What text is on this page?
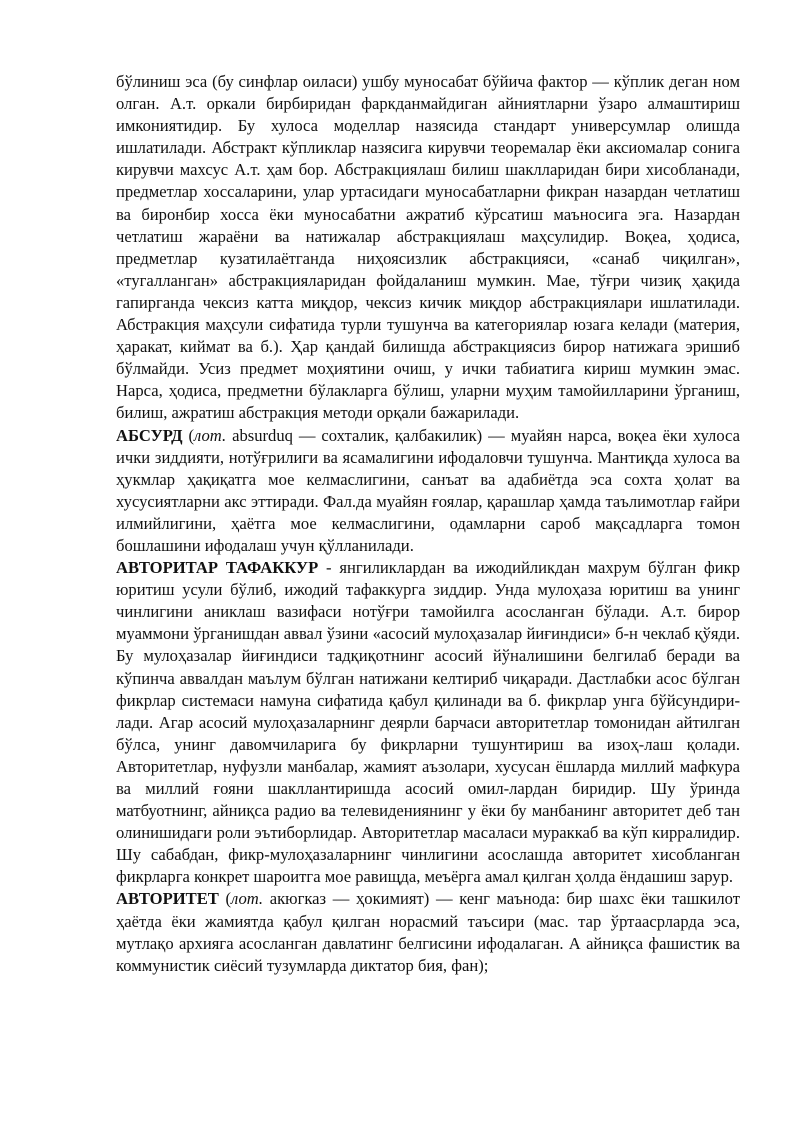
бўлиниш эса (бу синфлар оиласи) ушбу муносабат бўйича фактор — кўплик деган ном олган. А.т. оркали бирбиридан фаркданмайдиган айниятларни ўзаро алмаштириш имкониятидир. Бу хулоса моделлар назясида стандарт универсумлар олишда ишлатилади. Абстракт кўпликлар назясига кирувчи теоремалар ёки аксиомалар сонига кирувчи махсус А.т. ҳам бор. Абстракциялаш билиш шаклларидан бири хисобланади, предметлар хоссаларини, улар уртасидаги муносабатларни фикран назардан четлатиш ва биронбир хосса ёки муносабатни ажратиб кўрсатиш маъносига эга. Назардан четлатиш жараёни ва натижалар абстракциялаш маҳсулидир. Воқеа, ҳодиса, предметлар кузатилаётганда ниҳоясизлик абстракцияси, «санаб чиқилган», «тугалланган» абстракцияларидан фойдаланиш мумкин. Мае, тўғри чизиқ ҳақида гапирганда чексиз катта миқдор, чексиз кичик миқдор абстракциялари ишлатилади. Абстракция маҳсули сифатида турли тушунча ва категориялар юзага келади (материя, ҳаракат, киймат ва б.). Ҳар қандай билишда абстракциясиз бирор натижага эришиб бўлмайди. Усиз предмет моҳиятини очиш, у ички табиатига кириш мумкин эмас. Нарса, ҳодиса, предметни бўлакларга бўлиш, уларни муҳим тамойилларини ўрганиш, билиш, ажратиш абстракция методи орқали бажарилади.

АБСУРД (лот. absurduq — сохталик, қалбакилик) — муайян нарса, воқеа ёки хулоса ички зиддияти, нотўғрилиги ва ясамалигини ифодаловчи тушунча. Мантиқда хулоса ва ҳукмлар ҳақиқатга мое келмаслигини, санъат ва адабиётда эса сохта ҳолат ва хусусиятларни акс эттиради. Фал.да муайян ғоялар, қарашлар ҳамда таълимотлар ғайри илмийлигини, ҳаётга мое келмаслигини, одамларни сароб мақсадларга томон бошлашини ифодалаш учун қўлланилади.

АВТОРИТАР ТАФАККУР - янгиликлардан ва ижодийликдан махрум бўлган фикр юритиш усули бўлиб, ижодий тафаккурга зиддир. Унда мулоҳаза юритиш ва унинг чинлигини аниклаш вазифаси нотўғри тамойилга асосланган бўлади. А.т. бирор муаммони ўрганишдан аввал ўзини «асосий мулоҳазалар йиғиндиси» б-н чеклаб қўяди. Бу мулоҳазалар йиғиндиси тадқиқотнинг асосий йўналишини белгилаб беради ва кўпинча аввалдан маълум бўлган натижани келтириб чиқаради. Дастлабки асос бўлган фикрлар системаси намуна сифатида қабул қилинади ва б. фикрлар унга бўйсундири-лади. Агар асосий мулоҳазаларнинг деярли барчаси авторитетлар томонидан айтилган бўлса, унинг давомчиларига бу фикрларни тушунтириш ва изоҳ-лаш қолади. Авторитетлар, нуфузли манбалар, жамият аъзолари, хусусан ёшларда миллий мафкура ва миллий ғояни шакллантиришда асосий омил-лардан биридир. Шу ўринда матбуотнинг, айниқса радио ва телевидениянинг у ёки бу манбанинг авторитет деб тан олинишидаги роли эътиборлидар. Авторитетлар масаласи мураккаб ва кўп кирралидир. Шу сабабдан, фикр-мулоҳазаларнинг чинлигини асослашда авторитет хисобланган фикрларга конкрет шароитга мое равищда, меъёрга амал қилган ҳолда ёндашиш зарур.

АВТОРИТЕТ (лот. aкюгказ — ҳокимият) — кенг маънода: бир шахс ёки ташкилот ҳаётда ёки жамиятда қабул қилган норасмий таъсири (мас. тар ўртаасрларда эса, мутлақо архияга асосланган давлатинг белгисини ифодалаган. А айниқса фашистик ва коммунистик сиёсий тузумларда диктатор бия, фан);
